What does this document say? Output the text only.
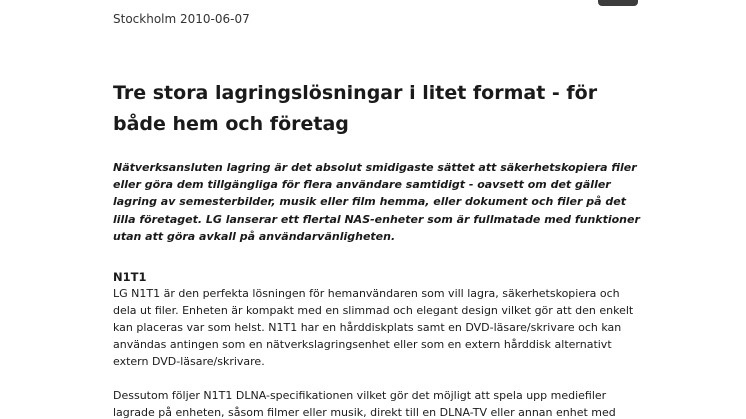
Stockholm 2010-06-07

Tre stora lagringslösningar i litet format - för både hem och företag

Nätverksansluten lagring är det absolut smidigaste sättet att säkerhetskopiera filer eller göra dem tillgängliga för flera användare samtidigt - oavsett om det gäller lagring av semesterbilder, musik eller film hemma, eller dokument och filer på det lilla företaget. LG lanserar ett flertal NAS-enheter som är fullmatade med funktioner utan att göra avkall på användarvänligheten.

N1T1

LG N1T1 är den perfekta lösningen för hemanvändaren som vill lagra, säkerhetskopiera och dela ut filer. Enheten är kompakt med en slimmad och elegant design vilket gör att den enkelt kan placeras var som helst. N1T1 har en hårddiskplats samt en DVD-läsare/skrivare och kan användas antingen som en nätverkslagringsenhet eller som en extern hårddisk alternativt extern DVD-läsare/skrivare.

Dessutom följer N1T1 DLNA-specifikationen vilket gör det möjligt att spela upp mediefiler lagrade på enheten, såsom filmer eller musik, direkt till en DLNA-TV eller annan enhet med
